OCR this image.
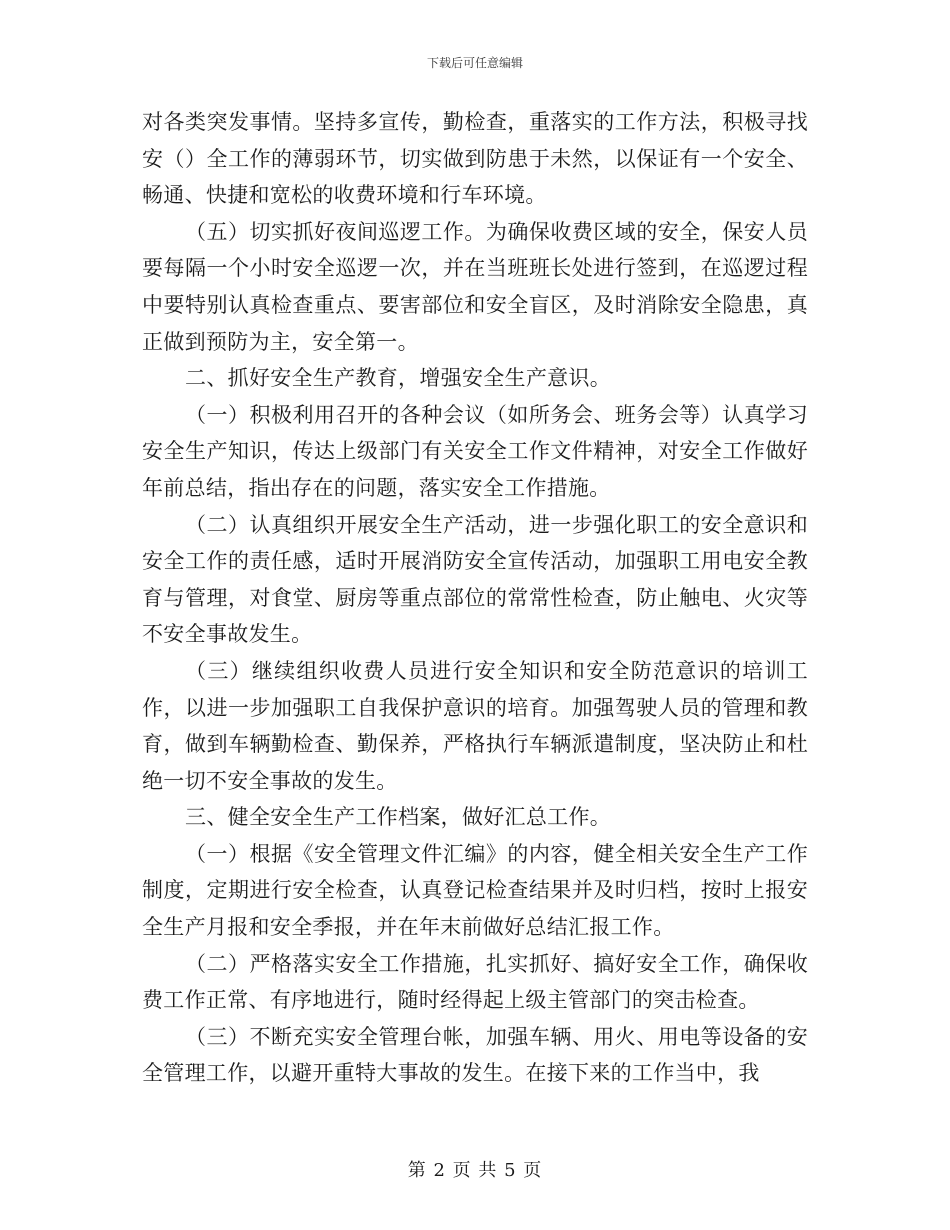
下载后可任意编辑

对各类突发事情。坚持多宣传，勤检查，重落实的工作方法，积极寻找安（）全工作的薄弱环节，切实做到防患于未然，以保证有一个安全、畅通、快捷和宽松的收费环境和行车环境。

（五）切实抓好夜间巡逻工作。为确保收费区域的安全，保安人员要每隔一个小时安全巡逻一次，并在当班班长处进行签到，在巡逻过程中要特别认真检查重点、要害部位和安全盲区，及时消除安全隐患，真正做到预防为主，安全第一。

二、抓好安全生产教育，增强安全生产意识。

（一）积极利用召开的各种会议（如所务会、班务会等）认真学习安全生产知识，传达上级部门有关安全工作文件精神，对安全工作做好年前总结，指出存在的问题，落实安全工作措施。

（二）认真组织开展安全生产活动，进一步强化职工的安全意识和安全工作的责任感，适时开展消防安全宣传活动，加强职工用电安全教育与管理，对食堂、厨房等重点部位的常常性检查，防止触电、火灾等不安全事故发生。

（三）继续组织收费人员进行安全知识和安全防范意识的培训工作，以进一步加强职工自我保护意识的培育。加强驾驶人员的管理和教育，做到车辆勤检查、勤保养，严格执行车辆派遣制度，坚决防止和杜绝一切不安全事故的发生。

三、健全安全生产工作档案，做好汇总工作。

（一）根据《安全管理文件汇编》的内容，健全相关安全生产工作制度，定期进行安全检查，认真登记检查结果并及时归档，按时上报安全生产月报和安全季报，并在年末前做好总结汇报工作。

（二）严格落实安全工作措施，扎实抓好、搞好安全工作，确保收费工作正常、有序地进行，随时经得起上级主管部门的突击检查。

（三）不断充实安全管理台帐，加强车辆、用火、用电等设备的安全管理工作，以避开重特大事故的发生。在接下来的工作当中，我

第 2 页 共 5 页
